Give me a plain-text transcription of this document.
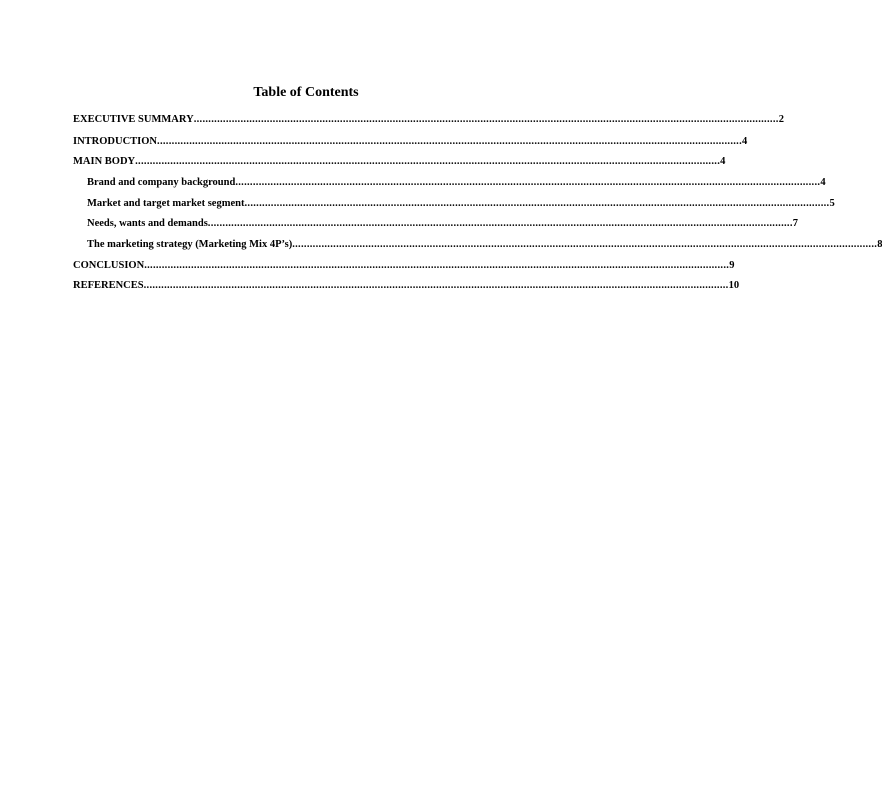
Table of Contents
EXECUTIVE SUMMARY ........................................................................................................................................................................................................ 2
INTRODUCTION ........................................................................................................................................................................................................ 4
MAIN BODY ........................................................................................................................................................................................................ 4
Brand and company background ........................................................................................................................................................................................................ 4
Market and target market segment ........................................................................................................................................................................................................ 5
Needs, wants and demands ........................................................................................................................................................................................................ 7
The marketing strategy (Marketing Mix 4P’s) ........................................................................................................................................................................................................ 8
CONCLUSION ........................................................................................................................................................................................................ 9
REFERENCES ........................................................................................................................................................................................................ 10
